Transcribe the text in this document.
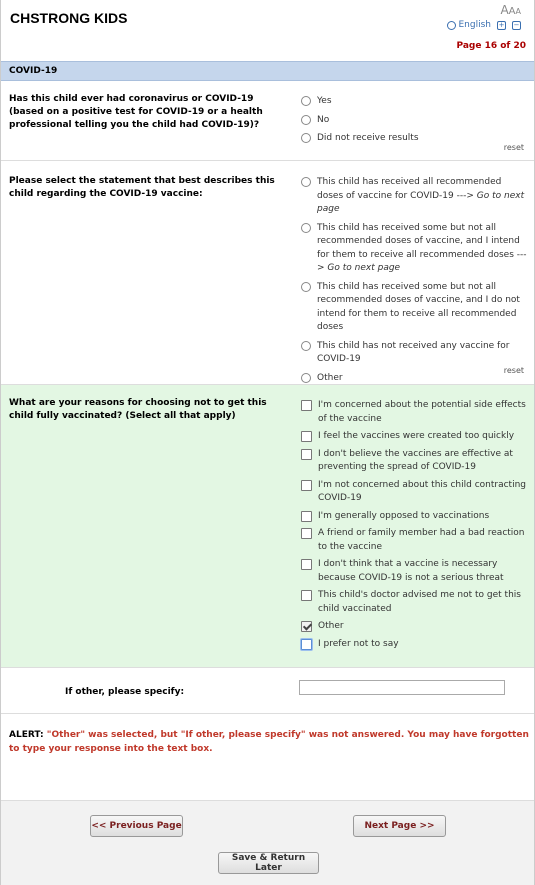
CHSTRONG KIDS	AAA
English + −
Page 16 of 20
COVID-19
Has this child ever had coronavirus or COVID-19 (based on a positive test for COVID-19 or a health professional telling you the child had COVID-19)?
Yes
No
Did not receive results
reset
Please select the statement that best describes this child regarding the COVID-19 vaccine:
This child has received all recommended doses of vaccine for COVID-19 ---> Go to next page
This child has received some but not all recommended doses of vaccine, and I intend for them to receive all recommended doses --- > Go to next page
This child has received some but not all recommended doses of vaccine, and I do not intend for them to receive all recommended doses
This child has not received any vaccine for COVID-19
Other
reset
What are your reasons for choosing not to get this child fully vaccinated? (Select all that apply)
I'm concerned about the potential side effects of the vaccine
I feel the vaccines were created too quickly
I don't believe the vaccines are effective at preventing the spread of COVID-19
I'm not concerned about this child contracting COVID-19
I'm generally opposed to vaccinations
A friend or family member had a bad reaction to the vaccine
I don't think that a vaccine is necessary because COVID-19 is not a serious threat
This child's doctor advised me not to get this child vaccinated
Other
I prefer not to say
If other, please specify:
ALERT: "Other" was selected, but "If other, please specify" was not answered. You may have forgotten to type your response into the text box.
<< Previous Page	Next Page >>
Save & Return Later
